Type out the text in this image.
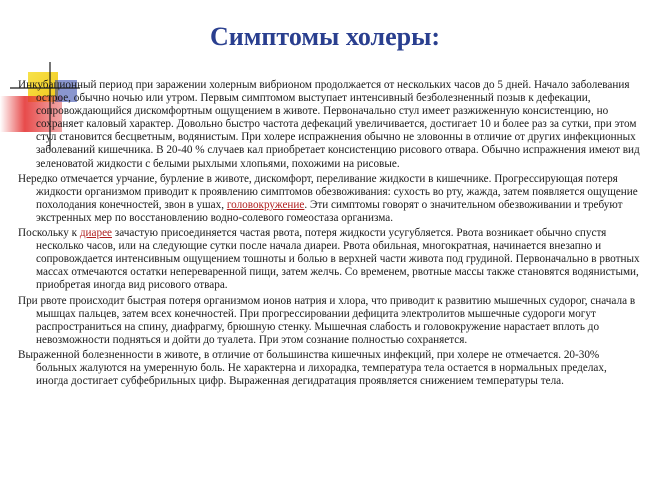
Симптомы холеры:

Инкубационный период при заражении холерным вибрионом продолжается от нескольких часов до 5 дней. Начало заболевания острое, обычно ночью или утром. Первым симптомом выступает интенсивный безболезненный позыв к дефекации, сопровождающийся дискомфортным ощущением в животе. Первоначально стул имеет разжиженную консистенцию, но сохраняет каловый характер. Довольно быстро частота дефекаций увеличивается, достигает 10 и более раз за сутки, при этом стул становится бесцветным, водянистым. При холере испражнения обычно не зловонны в отличие от других инфекционных заболеваний кишечника. В 20-40 % случаев кал приобретает консистенцию рисового отвара. Обычно испражнения имеют вид зеленоватой жидкости с белыми рыхлыми хлопьями, похожими на рисовые.

Нередко отмечается урчание, бурление в животе, дискомфорт, переливание жидкости в кишечнике. Прогрессирующая потеря жидкости организмом приводит к проявлению симптомов обезвоживания: сухость во рту, жажда, затем появляется ощущение похолодания конечностей, звон в ушах, головокружение. Эти симптомы говорят о значительном обезвоживании и требуют экстренных мер по восстановлению водно-солевого гомеостаза организма.

Поскольку к диарее зачастую присоединяется частая рвота, потеря жидкости усугубляется. Рвота возникает обычно спустя несколько часов, или на следующие сутки после начала диареи. Рвота обильная, многократная, начинается внезапно и сопровождается интенсивным ощущением тошноты и болью в верхней части живота под грудиной. Первоначально в рвотных массах отмечаются остатки непереваренной пищи, затем желчь. Со временем, рвотные массы также становятся водянистыми, приобретая иногда вид рисового отвара.

При рвоте происходит быстрая потеря организмом ионов натрия и хлора, что приводит к развитию мышечных судорог, сначала в мышцах пальцев, затем всех конечностей. При прогрессировании дефицита электролитов мышечные судороги могут распространиться на спину, диафрагму, брюшную стенку. Мышечная слабость и головокружение нарастает вплоть до невозможности подняться и дойти до туалета. При этом сознание полностью сохраняется.

Выраженной болезненности в животе, в отличие от большинства кишечных инфекций, при холере не отмечается. 20-30% больных жалуются на умеренную боль. Не характерна и лихорадка, температура тела остается в нормальных пределах, иногда достигает субфебрильных цифр. Выраженная дегидратация проявляется снижением температуры тела.
